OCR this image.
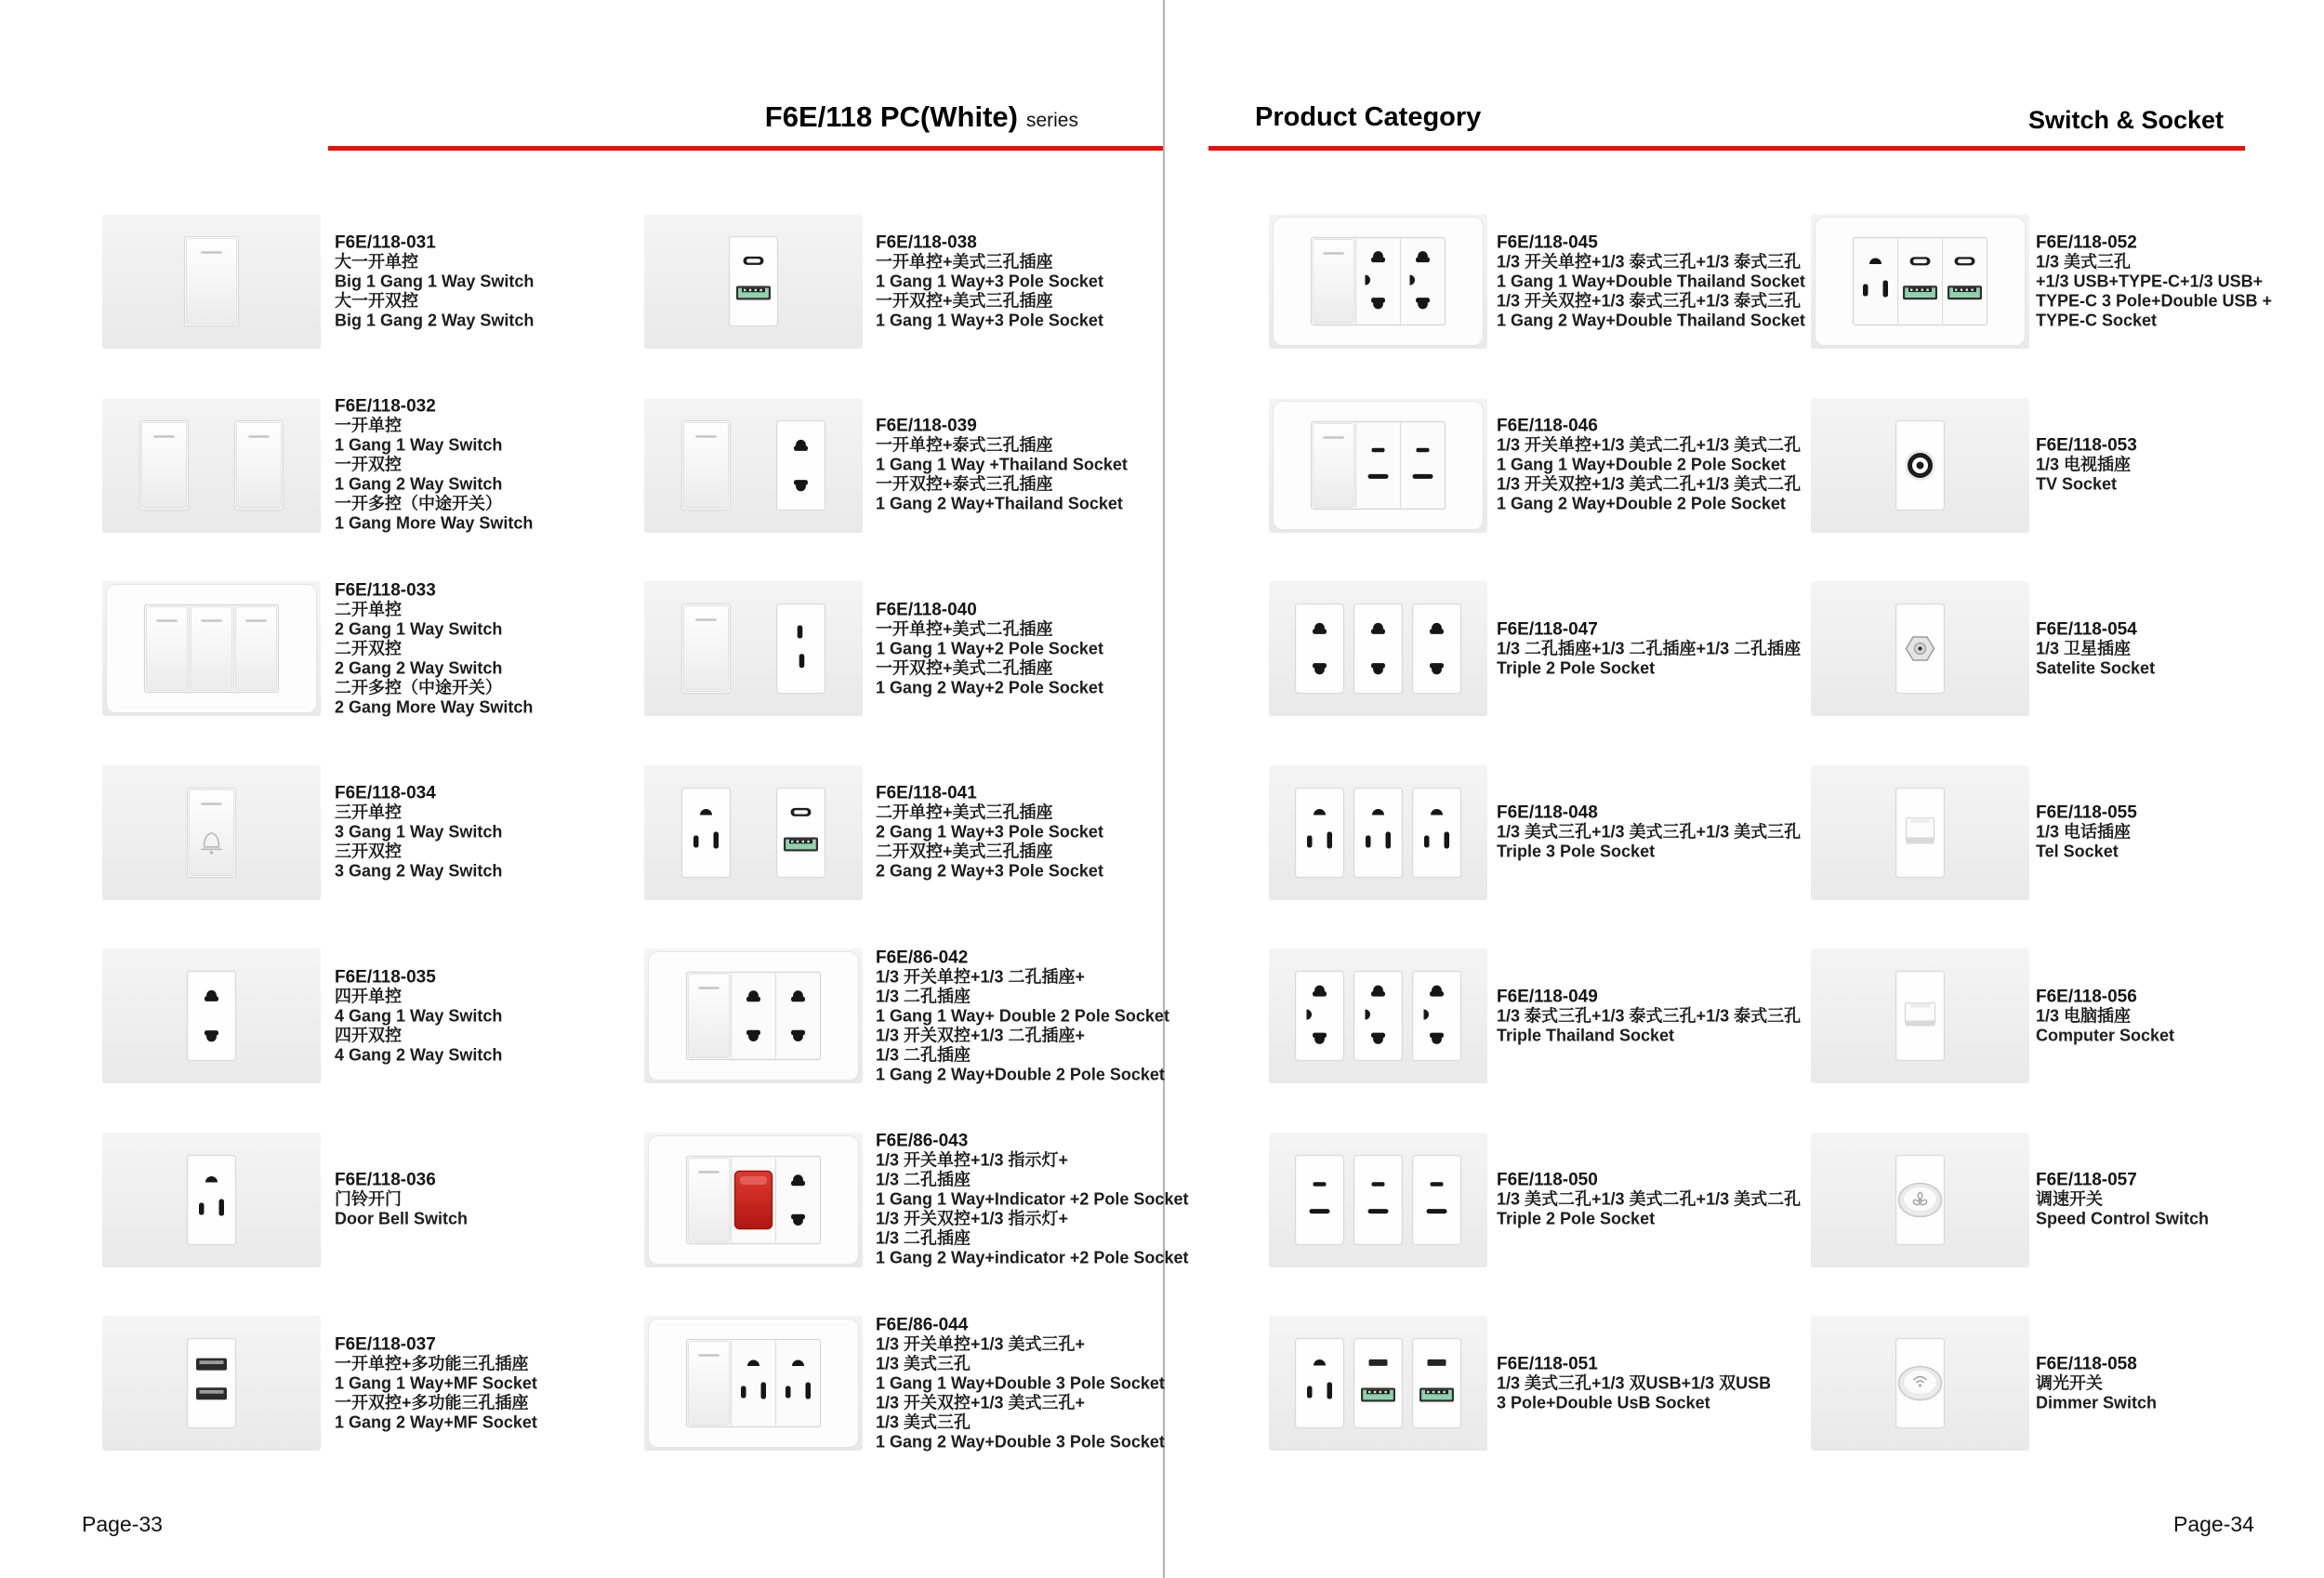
F6E/118 PC(White) series	Product Category	Switch & Socket
Page-33	Page-34
F6E/118-031
大一开单控
Big 1 Gang 1 Way Switch
大一开双控
Big 1 Gang 2 Way Switch
F6E/118-032
一开单控
1 Gang 1 Way Switch
一开双控
1 Gang 2 Way Switch
一开多控（中途开关）
1 Gang More Way Switch
F6E/118-033
二开单控
2 Gang 1 Way Switch
二开双控
2 Gang 2 Way Switch
二开多控（中途开关）
2 Gang More Way Switch
F6E/118-034
三开单控
3 Gang 1 Way Switch
三开双控
3 Gang 2 Way Switch
F6E/118-035
四开单控
4 Gang 1 Way Switch
四开双控
4 Gang 2 Way Switch
F6E/118-036
门铃开门
Door Bell Switch
F6E/118-037
一开单控+多功能三孔插座
1 Gang 1 Way+MF Socket
一开双控+多功能三孔插座
1 Gang 2 Way+MF Socket
F6E/118-038
一开单控+美式三孔插座
1 Gang 1 Way+3 Pole Socket
一开双控+美式三孔插座
1 Gang 1 Way+3 Pole Socket
F6E/118-039
一开单控+泰式三孔插座
1 Gang 1 Way +Thailand Socket
一开双控+泰式三孔插座
1 Gang 2 Way+Thailand Socket
F6E/118-040
一开单控+美式二孔插座
1 Gang 1 Way+2 Pole Socket
一开双控+美式二孔插座
1 Gang 2 Way+2 Pole Socket
F6E/118-041
二开单控+美式三孔插座
2 Gang 1 Way+3 Pole Socket
二开双控+美式三孔插座
2 Gang 2 Way+3 Pole Socket
F6E/86-042
1/3 开关单控+1/3 二孔插座+
1/3 二孔插座
1 Gang 1 Way+ Double 2 Pole Socket
1/3 开关双控+1/3 二孔插座+
1/3 二孔插座
1 Gang 2 Way+Double 2 Pole Socket
F6E/86-043
1/3 开关单控+1/3 指示灯+
1/3 二孔插座
1 Gang 1 Way+Indicator +2 Pole Socket
1/3 开关双控+1/3 指示灯+
1/3 二孔插座
1 Gang 2 Way+indicator +2 Pole Socket
F6E/86-044
1/3 开关单控+1/3 美式三孔+
1/3 美式三孔
1 Gang 1 Way+Double 3 Pole Socket
1/3 开关双控+1/3 美式三孔+
1/3 美式三孔
1 Gang 2 Way+Double 3 Pole Socket
F6E/118-045
1/3 开关单控+1/3 泰式三孔+1/3 泰式三孔
1 Gang 1 Way+Double Thailand Socket
1/3 开关双控+1/3 泰式三孔+1/3 泰式三孔
1 Gang 2 Way+Double Thailand Socket
F6E/118-046
1/3 开关单控+1/3 美式二孔+1/3 美式二孔
1 Gang 1 Way+Double 2 Pole Socket
1/3 开关双控+1/3 美式二孔+1/3 美式二孔
1 Gang 2 Way+Double 2 Pole Socket
F6E/118-047
1/3 二孔插座+1/3 二孔插座+1/3 二孔插座
Triple 2 Pole Socket
F6E/118-048
1/3 美式三孔+1/3 美式三孔+1/3 美式三孔
Triple 3 Pole Socket
F6E/118-049
1/3 泰式三孔+1/3 泰式三孔+1/3 泰式三孔
Triple Thailand Socket
F6E/118-050
1/3 美式二孔+1/3 美式二孔+1/3 美式二孔
Triple 2 Pole Socket
F6E/118-051
1/3 美式三孔+1/3 双USB+1/3 双USB
3 Pole+Double UsB Socket
F6E/118-052
1/3 美式三孔
+1/3 USB+TYPE-C+1/3 USB+
TYPE-C 3 Pole+Double USB +
TYPE-C Socket
F6E/118-053
1/3 电视插座
TV Socket
F6E/118-054
1/3 卫星插座
Satelite Socket
F6E/118-055
1/3 电话插座
Tel Socket
F6E/118-056
1/3 电脑插座
Computer Socket
F6E/118-057
调速开关
Speed Control Switch
F6E/118-058
调光开关
Dimmer Switch
